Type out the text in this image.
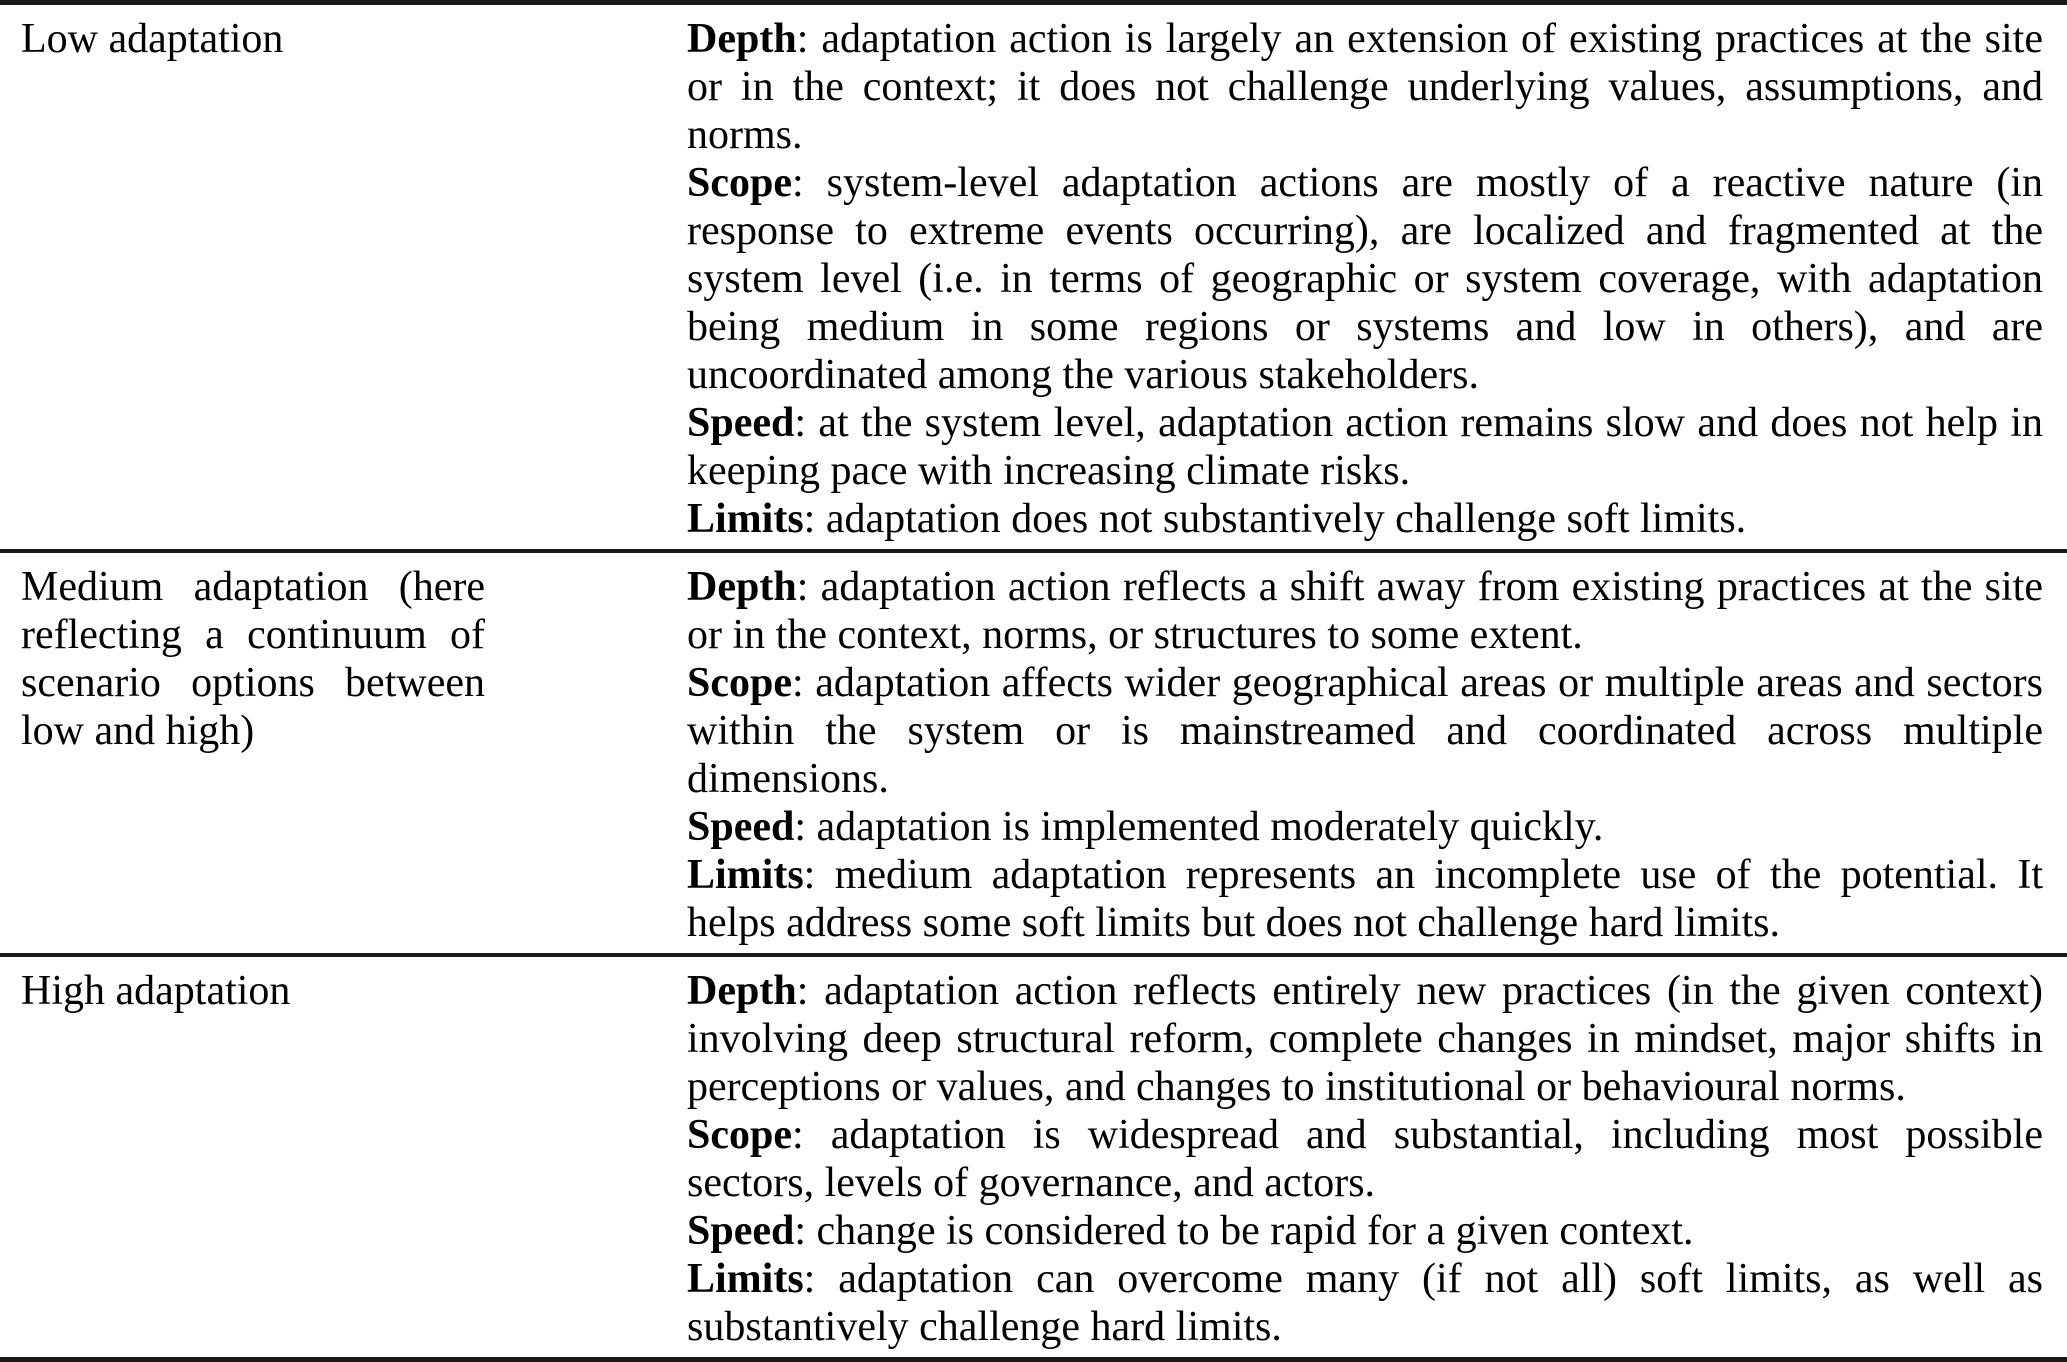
Low adaptation	Depth: adaptation action is largely an extension of existing practices at the site or in the context; it does not challenge underlying values, assumptions, and norms.

Scope: system-level adaptation actions are mostly of a reactive nature (in response to extreme events occurring), are localized and fragmented at the system level (i.e. in terms of geographic or system coverage, with adaptation being medium in some regions or systems and low in others), and are uncoordinated among the various stakeholders.

Speed: at the system level, adaptation action remains slow and does not help in keeping pace with increasing climate risks.

Limits: adaptation does not substantively challenge soft limits.

Medium adaptation (here reflecting a continuum of scenario options between low and high)	Depth: adaptation action reflects a shift away from existing practices at the site or in the context, norms, or structures to some extent.

Scope: adaptation affects wider geographical areas or multiple areas and sectors within the system or is mainstreamed and coordinated across multiple dimensions.

Speed: adaptation is implemented moderately quickly.

Limits: medium adaptation represents an incomplete use of the potential. It helps address some soft limits but does not challenge hard limits.

High adaptation	Depth: adaptation action reflects entirely new practices (in the given context) involving deep structural reform, complete changes in mindset, major shifts in perceptions or values, and changes to institutional or behavioural norms.

Scope: adaptation is widespread and substantial, including most possible sectors, levels of governance, and actors.

Speed: change is considered to be rapid for a given context.

Limits: adaptation can overcome many (if not all) soft limits, as well as substantively challenge hard limits.
